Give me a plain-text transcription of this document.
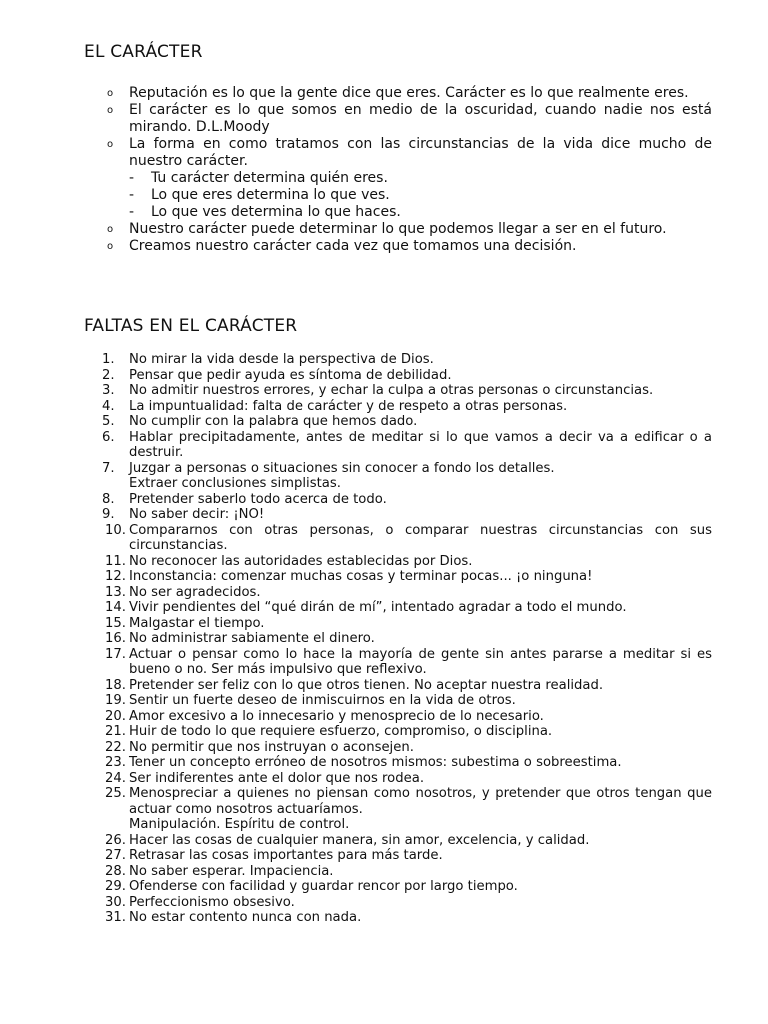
EL CARÁCTER
o Reputación es lo que la gente dice que eres. Carácter es lo que realmente eres.
o El carácter es lo que somos en medio de la oscuridad, cuando nadie nos está mirando. D.L.Moody
o La forma en como tratamos con las circunstancias de la vida dice mucho de nuestro carácter.
- Tu carácter determina quién eres.
- Lo que eres determina lo que ves.
- Lo que ves determina lo que haces.
o Nuestro carácter puede determinar lo que podemos llegar a ser en el futuro.
o Creamos nuestro carácter cada vez que tomamos una decisión.
FALTAS EN EL CARÁCTER
1.	No mirar la vida desde la perspectiva de Dios.
2.	Pensar que pedir ayuda es síntoma de debilidad.
3.	No admitir nuestros errores, y echar la culpa a otras personas o circunstancias.
4.	La impuntualidad: falta de carácter y de respeto a otras personas.
5.	No cumplir con la palabra que hemos dado.
6.	Hablar precipitadamente, antes de meditar si lo que vamos a decir va a edificar o a destruir.
7.	Juzgar a personas o situaciones sin conocer a fondo los detalles.
Extraer conclusiones simplistas.
8.	Pretender saberlo todo acerca de todo.
9.	No saber decir: ¡NO!
10. Compararnos con otras personas, o comparar nuestras circunstancias con sus circunstancias.
11. No reconocer las autoridades establecidas por Dios.
12. Inconstancia: comenzar muchas cosas y terminar pocas... ¡o ninguna!
13. No ser agradecidos.
14. Vivir pendientes del “qué dirán de mí”, intentado agradar a todo el mundo.
15. Malgastar el tiempo.
16. No administrar sabiamente el dinero.
17. Actuar o pensar como lo hace la mayoría de gente sin antes pararse a meditar si es bueno o no. Ser más impulsivo que reflexivo.
18. Pretender ser feliz con lo que otros tienen. No aceptar nuestra realidad.
19. Sentir un fuerte deseo de inmiscuirnos en la vida de otros.
20. Amor excesivo a lo innecesario y menosprecio de lo necesario.
21. Huir de todo lo que requiere esfuerzo, compromiso, o disciplina.
22. No permitir que nos instruyan o aconsejen.
23. Tener un concepto erróneo de nosotros mismos: subestima o sobreestima.
24. Ser indiferentes ante el dolor que nos rodea.
25. Menospreciar a quienes no piensan como nosotros, y pretender que otros tengan que actuar como nosotros actuaríamos.
Manipulación. Espíritu de control.
26. Hacer las cosas de cualquier manera, sin amor, excelencia, y calidad.
27. Retrasar las cosas importantes para más tarde.
28. No saber esperar. Impaciencia.
29. Ofenderse con facilidad y guardar rencor por largo tiempo.
30. Perfeccionismo obsesivo.
31. No estar contento nunca con nada.
